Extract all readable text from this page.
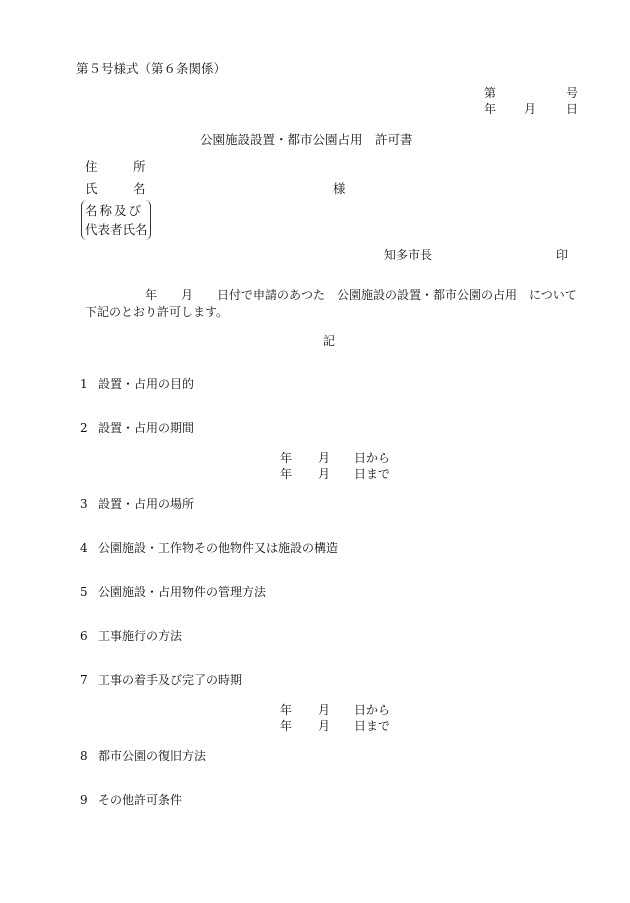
第５号様式（第６条関係）
第	号
年 月 日
公園施設設置・都市公園占用　許可書
住	所
氏	名	様
名称及び
代表者氏名
知多市長	印
　　　　　年　　月　　日付で申請のあつた　公園施設の設置・都市公園の占用　について下記のとおり許可します。
記
1 設置・占用の目的
2 設置・占用の期間
年 月 日から
年 月 日まで
3 設置・占用の場所
4 公園施設・工作物その他物件又は施設の構造
5 公園施設・占用物件の管理方法
6 工事施行の方法
7 工事の着手及び完了の時期
年 月 日から
年 月 日まで
8 都市公園の復旧方法
9 その他許可条件
